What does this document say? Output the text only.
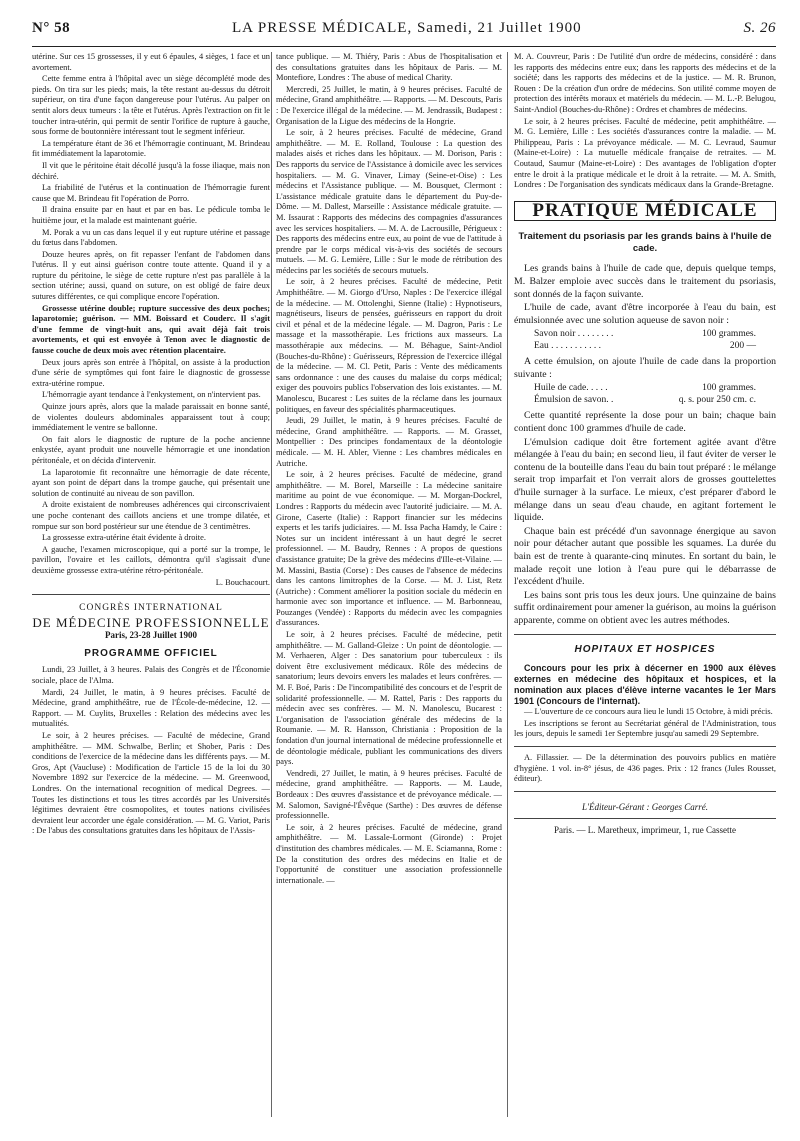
N° 58	LA PRESSE MÉDICALE, Samedi, 21 Juillet 1900	S. 26

utérine. Sur ces 15 grossesses, il y eut 6 épaules, 4 sièges, 1 face et un avortement.

Cette femme entra à l'hôpital avec un siège décomplété mode des pieds. On tira sur les pieds; mais, la tête restant au-dessus du détroit supérieur, on tira d'une façon dangereuse pour l'utérus. Au palper on sentit alors deux tumeurs : la tête et l'utérus. Après l'extraction on fit le toucher intra-utérin, qui permit de sentir l'orifice de rupture à gauche, sous forme de boutonnière intéressant tout le segment inférieur.

La température étant de 36 et l'hémorragie continuant, M. Brindeau fit immédiatement la laparotomie.

Il vit que le péritoine était décollé jusqu'à la fosse iliaque, mais non déchiré.

La friabilité de l'utérus et la continuation de l'hémorragie furent cause que M. Brindeau fit l'opération de Porro.

Il draina ensuite par en haut et par en bas. Le pédicule tomba le huitième jour, et la malade est maintenant guérie.

M. Porak a vu un cas dans lequel il y eut rupture utérine et passage du fœtus dans l'abdomen.

Douze heures après, on fit repasser l'enfant de l'abdomen dans l'utérus. Il y eut ainsi guérison contre toute attente. Quand il y a rupture du péritoine, le siège de cette rupture n'est pas parallèle à la section utérine; aussi, quand on suture, on est obligé de faire deux sutures différentes, ce qui complique encore l'opération.

Grossesse utérine double; rupture successive des deux poches; laparotomie; guérison. — MM. Boissard et Couderc. Il s'agit d'une femme de vingt-huit ans, qui avait déjà fait trois avortements, et qui est envoyée à Tenon avec le diagnostic de fausse couche de deux mois avec rétention placentaire.

Deux jours après son entrée à l'hôpital, on assiste à la production d'une série de symptômes qui font faire le diagnostic de grossesse extra-utérine rompue.

L'hémorragie ayant tendance à l'enkystement, on n'intervient pas.

Quinze jours après, alors que la malade paraissait en bonne santé, de violentes douleurs abdominales apparaissent tout à coup; immédiatement le ventre se ballonne.

On fait alors le diagnostic de rupture de la poche ancienne enkystée, ayant produit une nouvelle hémorragie et une inondation péritonéale, et on décida d'intervenir.

La laparotomie fit reconnaître une hémorragie de date récente, ayant son point de départ dans la trompe gauche, qui présentait une solution de continuité au niveau de son pavillon.

A droite existaient de nombreuses adhérences qui circonscrivaient une poche contenant des caillots anciens et une trompe dilatée, et rompue sur son bord postérieur sur une étendue de 3 centimètres.

La grossesse extra-utérine était évidente à droite.

A gauche, l'examen microscopique, qui a porté sur la trompe, le pavillon, l'ovaire et les caillots, démontra qu'il s'agissait d'une deuxième grossesse extra-utérine rétro-péritonéale.

L. Bouchacourt.

CONGRÈS INTERNATIONAL
DE MÉDECINE PROFESSIONNELLE
Paris, 23-28 Juillet 1900
PROGRAMME OFFICIEL

Lundi, 23 Juillet, à 3 heures. Palais des Congrès et de l'Économie sociale, place de l'Alma.

Mardi, 24 Juillet, le matin, à 9 heures précises. Faculté de Médecine, grand amphithéâtre, rue de l'École-de-médecine, 12. — Rapport. — M. Cuylits, Bruxelles : Relation des médecins avec les mutualités.

Le soir, à 2 heures précises. — Faculté de médecine, Grand amphithéâtre. — MM. Schwalbe, Berlin; et Shober, Paris : Des conditions de l'exercice de la médecine dans les différents pays. — M. Gros, Apt (Vaucluse) : Modification de l'article 15 de la loi du 30 Novembre 1892 sur l'exercice de la médecine. — M. Greenwood, Londres. On the international recognition of medical Degrees. — Toutes les distinctions et tous les titres accordés par les Universités légitimes devraient être cosmopolites, et toutes nations civilisées devraient leur accorder une égale considération. — M. G. Variot, Paris : De l'abus des consultations gratuites dans les hôpitaux de l'Assis-

tance publique. — M. Thiéry, Paris : Abus de l'hospitalisation et des consultations gratuites dans les hôpitaux de Paris. — M. Montefiore, Londres : The abuse of medical Charity.

Mercredi, 25 Juillet, le matin, à 9 heures précises. Faculté de médecine, Grand amphithéâtre. — Rapports. — M. Descouts, Paris : De l'exercice illégal de la médecine. — M. Jendrassik, Budapest : Organisation de la Ligue des médecins de la Hongrie.

Le soir, à 2 heures précises. Faculté de médecine, Grand amphithéâtre. — M. E. Rolland, Toulouse : La question des malades aisés et riches dans les hôpitaux. — M. Dorison, Paris : Des rapports du service de l'Assistance à domicile avec les services hospitaliers. — M. G. Vinaver, Limay (Seine-et-Oise) : Les médecins et l'Assistance publique. — M. Bousquet, Clermont : L'assistance médicale gratuite dans le département du Puy-de-Dôme. — M. Dallest, Marseille : Assistance médicale gratuite. — M. Issaurat : Rapports des médecins des compagnies d'assurances avec les services hospitaliers. — M. A. de Lacrousille, Périgueux : Des rapports des médecins entre eux, au point de vue de l'attitude à prendre par le corps médical vis-à-vis des sociétés de secours mutuels. — M. G. Lemière, Lille : Sur le mode de rétribution des médecins par les sociétés de secours mutuels.

Le soir, à 2 heures précises. Faculté de médecine, Petit Amphithéâtre. — M. Giorgo d'Urso, Naples : De l'exercice illégal de la médecine. — M. Ottolenghi, Sienne (Italie) : Hypnotiseurs, magnétiseurs, liseurs de pensées, guérisseurs en rapport du droit civil et pénal et de la médecine légale. — M. Dagron, Paris : Le massage et la massothérapie. Les frictions aux masseurs. La massothérapie aux médecins. — M. Béhague, Saint-Andiol (Bouches-du-Rhône) : Guérisseurs, Répression de l'exercice illégal de la médecine. — M. Cl. Petit, Paris : Vente des médicaments sans ordonnance : une des causes du malaise du corps médical; exiger des pouvoirs publics l'observation des lois existantes. — M. Manolescu, Bucarest : Les suites de la réclame dans les journaux politiques, en faveur des spécialités pharmaceutiques.

Jeudi, 29 Juillet, le matin, à 9 heures précises. Faculté de médecine, Grand amphithéâtre. — Rapports. — M. Grasset, Montpellier : Des principes fondamentaux de la déontologie médicale. — M. H. Abler, Vienne : Les chambres médicales en Autriche.

Le soir, à 2 heures précises. Faculté de médecine, grand amphithéâtre. — M. Borel, Marseille : La médecine sanitaire maritime au point de vue économique. — M. Morgan-Dockrel, Londres : Rapports du médecin avec l'autorité judiciaire. — M. A. Girone, Caserte (Italie) : Rapport financier sur les médecins experts et les tarifs judiciaires. — M. Issa Pacha Hamdy, le Caire : Notes sur un incident intéressant à un haut degré le secret professionnel. — M. Baudry, Rennes : A propos de questions d'assistance gratuite; De la grève des médecins d'Ille-et-Vilaine. — M. Massini, Bastia (Corse) : Des causes de l'absence de médecins dans les cantons limitrophes de la Corse. — M. J. List, Retz (Autriche) : Comment améliorer la position sociale du médecin en harmonie avec son importance et influence. — M. Barbonneau, Pouzanges (Vendée) : Rapports du médecin avec les compagnies d'assurances.

Le soir, à 2 heures précises. Faculté de médecine, petit amphithéâtre. — M. Galland-Gleize : Un point de déontologie. — M. Verhaeren, Alger : Des sanatorium pour tuberculeux : ils doivent être exclusivement médicaux. Rôle des médecins de sanatorium; leurs devoirs envers les malades et leurs confrères. — M. F. Boé, Paris : De l'incompatibilité des concours et de l'esprit de solidarité professionnelle. — M. Rattel, Paris : Des rapports du médecin avec ses confrères. — M. N. Manolescu, Bucarest : L'organisation de l'association générale des médecins de la Roumanie. — M. R. Hansson, Christiania : Proposition de la fondation d'un journal international de médecine professionnelle et de déontologie médicale, publiant les communications des divers pays.

Vendredi, 27 Juillet, le matin, à 9 heures précises. Faculté de médecine, grand amphithéâtre. — Rapports. — M. Laude, Bordeaux : Des œuvres d'assistance et de prévoyance médicale. — M. Salomon, Savigné-l'Évêque (Sarthe) : Des œuvres de défense professionnelle.

Le soir, à 2 heures précises. Faculté de médecine, grand amphithéâtre. — M. Lassale-Lormont (Gironde) : Projet d'institution des chambres médicales. — M. E. Sciamanna, Rome : De la constitution des ordres des médecins en Italie et de l'opportunité de constituer une association professionnelle internationale. —

M. A. Couvreur, Paris : De l'utilité d'un ordre de médecins, considéré : dans les rapports des médecins entre eux; dans les rapports des médecins et de la société; dans les rapports des médecins et de la justice. — M. R. Brunon, Rouen : De la création d'un ordre de médecins. Son utilité comme moyen de protection des intérêts moraux et matériels du médecin. — M. L.-P. Belugou, Saint-Andiol (Bouches-du-Rhône) : Ordres et chambres de médecins.

Le soir, à 2 heures précises. Faculté de médecine, petit amphithéâtre. — M. G. Lemière, Lille : Les sociétés d'assurances contre la maladie. — M. Philippeau, Paris : La prévoyance médicale. — M. C. Levraud, Saumur (Maine-et-Loire) : La mutuelle médicale française de retraites. — M. Coutaud, Saumur (Maine-et-Loire) : Des avantages de l'obligation d'opter entre le droit à la pratique médicale et le droit à la retraite. — M. A. Smith, Londres : De l'organisation des syndicats médicaux dans la Grande-Bretagne.

PRATIQUE MÉDICALE
Traitement du psoriasis par les grands bains à l'huile de cade.

Les grands bains à l'huile de cade que, depuis quelque temps, M. Balzer emploie avec succès dans le traitement du psoriasis, sont donnés de la façon suivante.

L'huile de cade, avant d'être incorporée à l'eau du bain, est émulsionnée avec une solution aqueuse de savon noir :

Savon noir . . . . . . . .	100 grammes.
Eau . . . . . . . . . . .	200 —

A cette émulsion, on ajoute l'huile de cade dans la proportion suivante :

Huile de cade. . . . .	100 grammes.
Émulsion de savon. .	q. s. pour 250 cm. c.

Cette quantité représente la dose pour un bain; chaque bain contient donc 100 grammes d'huile de cade.

L'émulsion cadique doit être fortement agitée avant d'être mélangée à l'eau du bain; en second lieu, il faut éviter de verser le contenu de la bouteille dans l'eau du bain tout préparé : le mélange serait trop imparfait et l'on verrait alors de grosses gouttelettes d'huile surnager à la surface. Le mieux, c'est préparer d'abord le mélange dans un seau d'eau chaude, en agitant fortement le liquide.

Chaque bain est précédé d'un savonnage énergique au savon noir pour détacher autant que possible les squames. La durée du bain est de trente à quarante-cinq minutes. En sortant du bain, le malade reçoit une lotion à l'eau pure qui le débarrasse de l'excédent d'huile.

Les bains sont pris tous les deux jours. Une quinzaine de bains suffit ordinairement pour amener la guérison, au moins la guérison apparente, comme on obtient avec les autres méthodes.

HOPITAUX ET HOSPICES
Concours pour les prix à décerner en 1900 aux élèves externes en médecine des hôpitaux et hospices, et la nomination aux places d'élève interne vacantes le 1er Mars 1901 (Concours de l'internat).

— L'ouverture de ce concours aura lieu le lundi 15 Octobre, à midi précis.

Les inscriptions se feront au Secrétariat général de l'Administration, tous les jours, depuis le samedi 1er Septembre jusqu'au samedi 29 Septembre.

A. Fillassier. — De la détermination des pouvoirs publics en matière d'hygiène. 1 vol. in-8° jésus, de 436 pages. Prix : 12 francs (Jules Rousset, éditeur).

L'Éditeur-Gérant : Georges Carré.
Paris. — L. Maretheux, imprimeur, 1, rue Cassette
